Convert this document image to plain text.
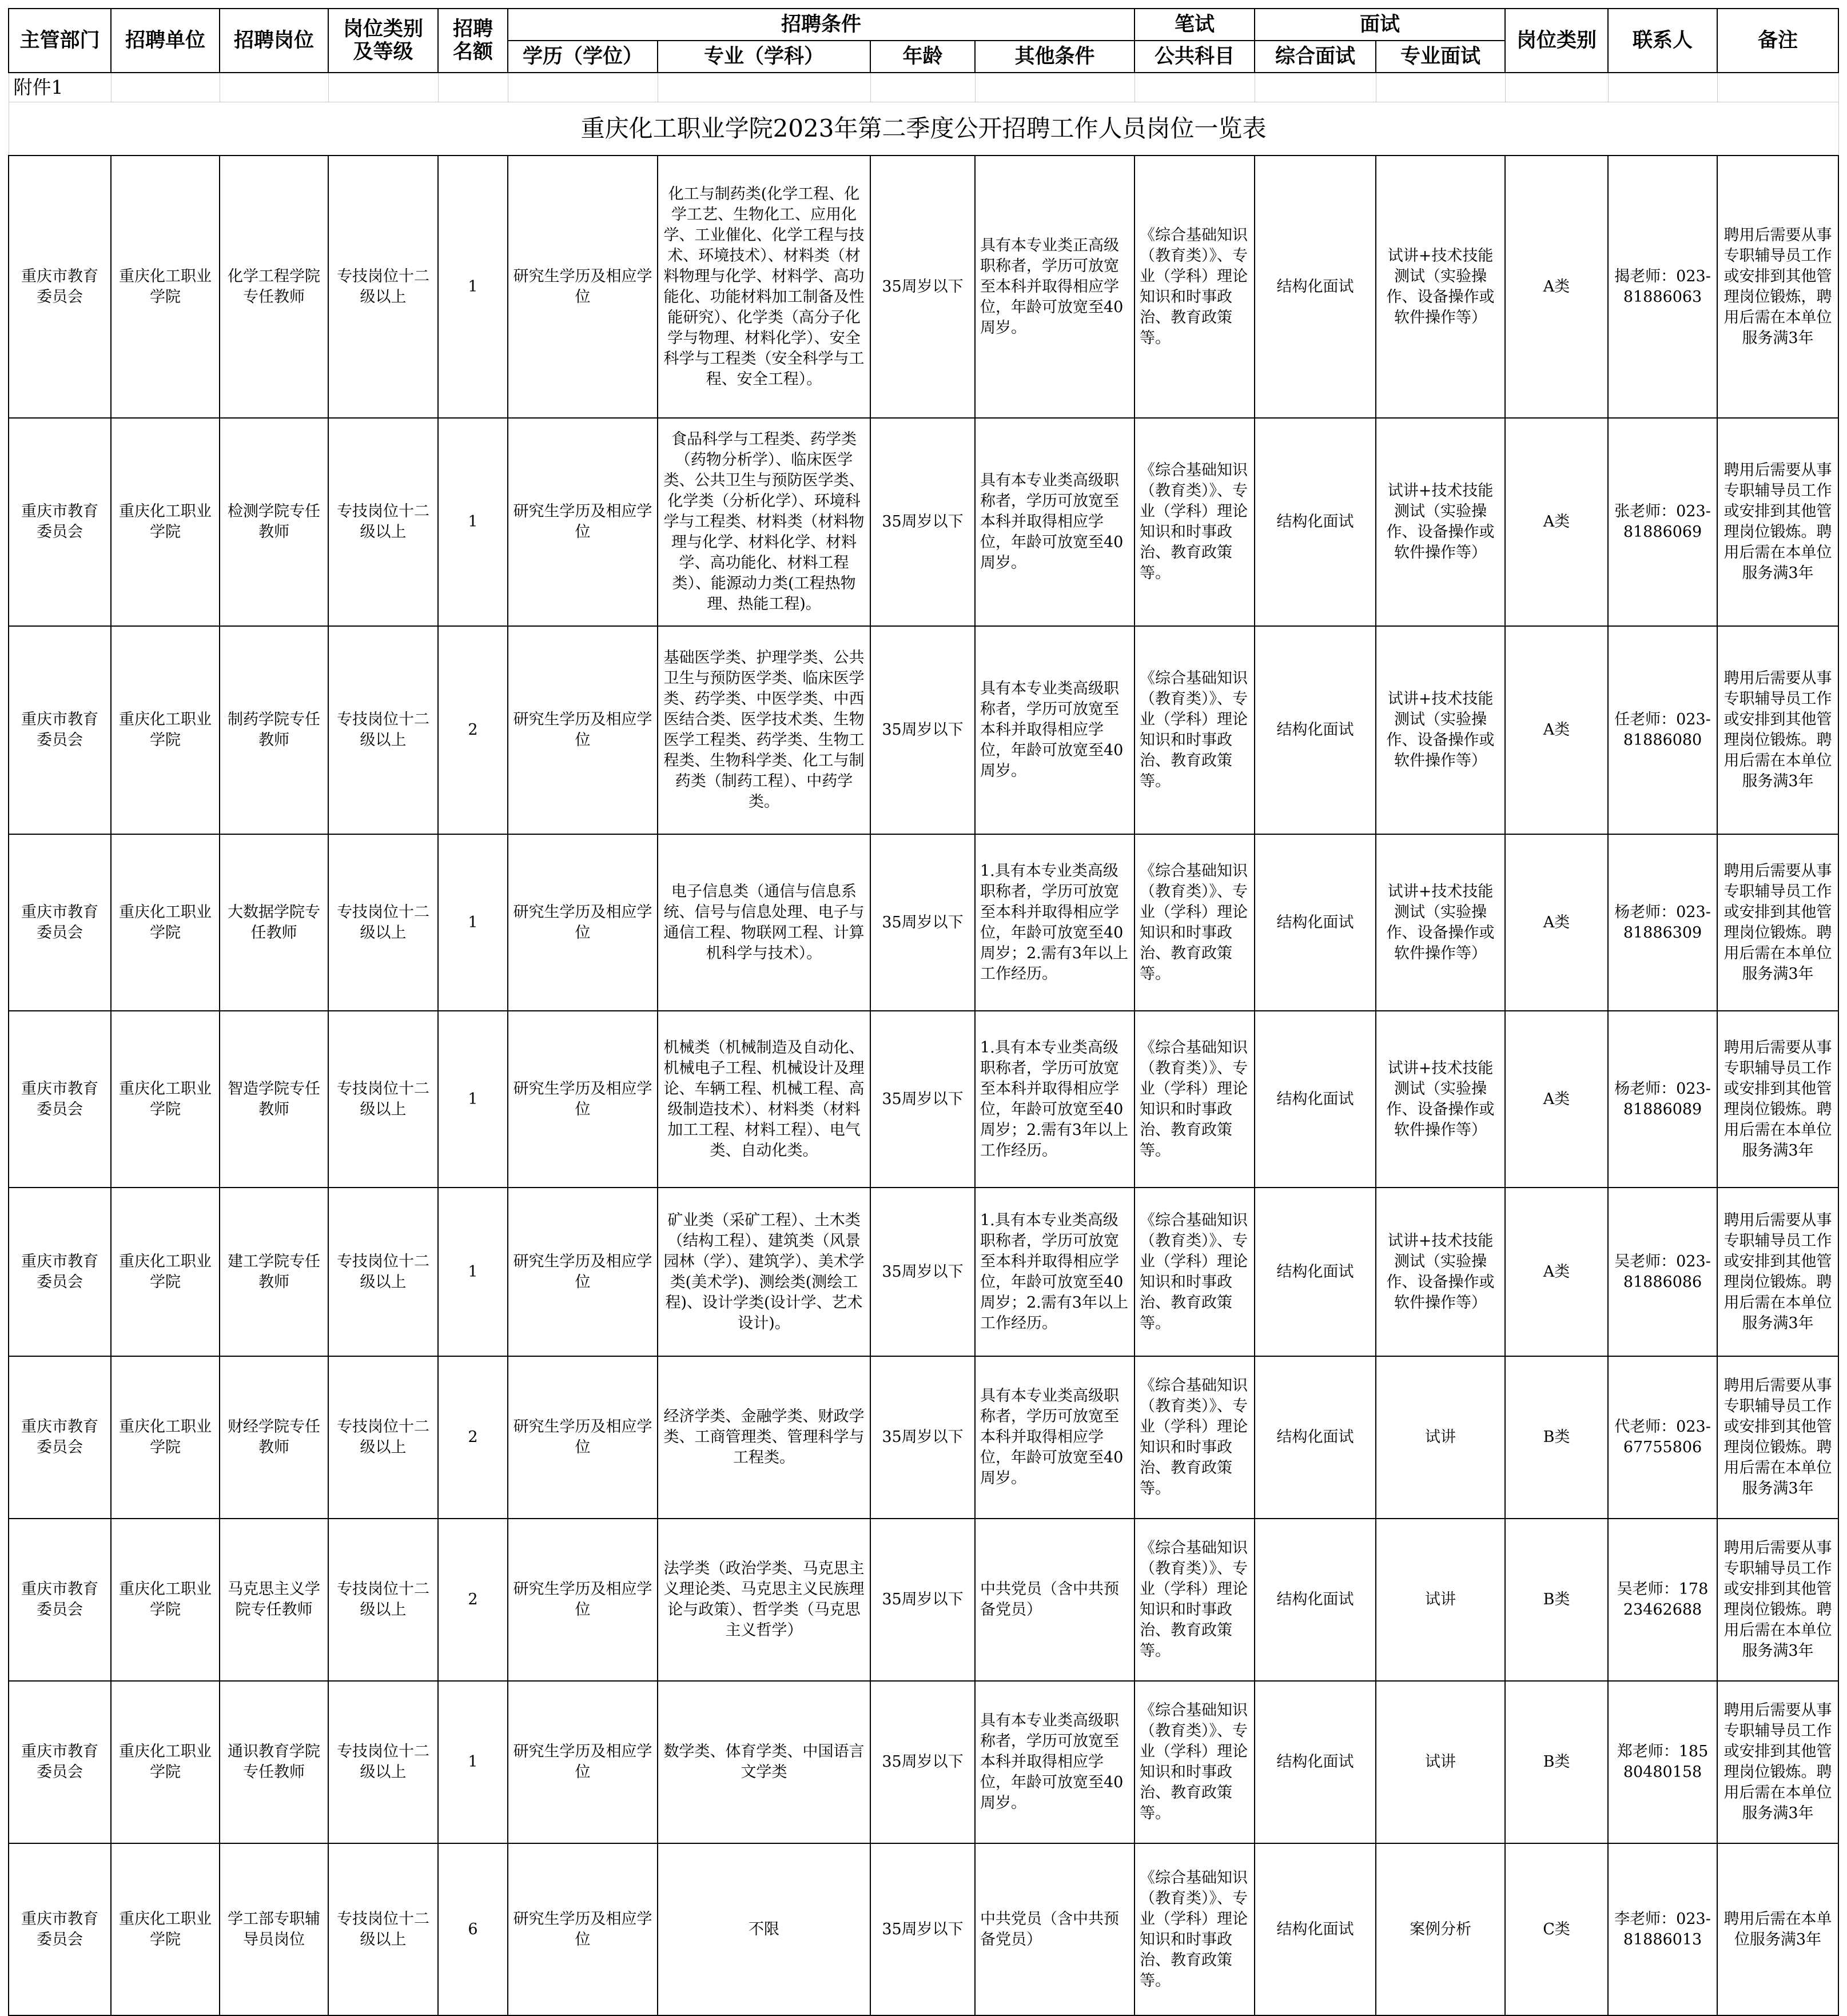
附件1														
重庆化工职业学院2023年第二季度公开招聘工作人员岗位一览表														
主管部门	招聘单位	招聘岗位	岗位类别及等级	招聘名额	招聘条件				笔试	面试		岗位类别	联系人	备注
					学历（学位）	专业（学科）	年龄	其他条件	公共科目	综合面试	专业面试			
重庆市教育委员会	重庆化工职业学院	化学工程学院专任教师	专技岗位十二级以上	1	研究生学历及相应学位	化工与制药类(化学工程、化学工艺、生物化工、应用化学、工业催化、化学工程与技术、环境技术）、材料类（材料物理与化学、材料学、高功能化、功能材料加工制备及性能研究）、化学类（高分子化学与物理、材料化学）、安全科学与工程类（安全科学与工程、安全工程）。	35周岁以下	具有本专业类正高级职称者，学历可放宽至本科并取得相应学位，年龄可放宽至40周岁。	《综合基础知识（教育类）》、专业（学科）理论知识和时事政治、教育政策等。	结构化面试	试讲+技术技能测试（实验操作、设备操作或软件操作等）	A类	揭老师：023-81886063	聘用后需要从事专职辅导员工作或安排到其他管理岗位锻炼，聘用后需在本单位服务满3年
重庆市教育委员会	重庆化工职业学院	检测学院专任教师	专技岗位十二级以上	1	研究生学历及相应学位	食品科学与工程类、药学类（药物分析学）、临床医学类、公共卫生与预防医学类、化学类（分析化学）、环境科学与工程类、材料类（材料物理与化学、材料化学、材料学、高功能化、材料工程类）、能源动力类(工程热物理、热能工程)。	35周岁以下	具有本专业类高级职称者，学历可放宽至本科并取得相应学位，年龄可放宽至40周岁。	《综合基础知识（教育类）》、专业（学科）理论知识和时事政治、教育政策等。	结构化面试	试讲+技术技能测试（实验操作、设备操作或软件操作等）	A类	张老师：023-81886069	聘用后需要从事专职辅导员工作或安排到其他管理岗位锻炼。聘用后需在本单位服务满3年
重庆市教育委员会	重庆化工职业学院	制药学院专任教师	专技岗位十二级以上	2	研究生学历及相应学位	基础医学类、护理学类、公共卫生与预防医学类、临床医学类、药学类、中医学类、中西医结合类、医学技术类、生物医学工程类、药学类、生物工程类、生物科学类、化工与制药类（制药工程）、中药学类。	35周岁以下	具有本专业类高级职称者，学历可放宽至本科并取得相应学位，年龄可放宽至40周岁。	《综合基础知识（教育类）》、专业（学科）理论知识和时事政治、教育政策等。	结构化面试	试讲+技术技能测试（实验操作、设备操作或软件操作等）	A类	任老师：023-81886080	聘用后需要从事专职辅导员工作或安排到其他管理岗位锻炼。聘用后需在本单位服务满3年
重庆市教育委员会	重庆化工职业学院	大数据学院专任教师	专技岗位十二级以上	1	研究生学历及相应学位	电子信息类（通信与信息系统、信号与信息处理、电子与通信工程、物联网工程、计算机科学与技术）。	35周岁以下	1.具有本专业类高级职称者，学历可放宽至本科并取得相应学位，年龄可放宽至40周岁；2.需有3年以上工作经历。	《综合基础知识（教育类）》、专业（学科）理论知识和时事政治、教育政策等。	结构化面试	试讲+技术技能测试（实验操作、设备操作或软件操作等）	A类	杨老师：023-81886309	聘用后需要从事专职辅导员工作或安排到其他管理岗位锻炼。聘用后需在本单位服务满3年
重庆市教育委员会	重庆化工职业学院	智造学院专任教师	专技岗位十二级以上	1	研究生学历及相应学位	机械类（机械制造及自动化、机械电子工程、机械设计及理论、车辆工程、机械工程、高级制造技术）、材料类（材料加工工程、材料工程）、电气类、自动化类。	35周岁以下	1.具有本专业类高级职称者，学历可放宽至本科并取得相应学位，年龄可放宽至40周岁；2.需有3年以上工作经历。	《综合基础知识（教育类）》、专业（学科）理论知识和时事政治、教育政策等。	结构化面试	试讲+技术技能测试（实验操作、设备操作或软件操作等）	A类	杨老师：023-81886089	聘用后需要从事专职辅导员工作或安排到其他管理岗位锻炼。聘用后需在本单位服务满3年
重庆市教育委员会	重庆化工职业学院	建工学院专任教师	专技岗位十二级以上	1	研究生学历及相应学位	矿业类（采矿工程）、土木类（结构工程）、建筑类（风景园林（学）、建筑学）、美术学类(美术学)、测绘类(测绘工程)、设计学类(设计学、艺术设计)。	35周岁以下	1.具有本专业类高级职称者，学历可放宽至本科并取得相应学位，年龄可放宽至40周岁；2.需有3年以上工作经历。	《综合基础知识（教育类）》、专业（学科）理论知识和时事政治、教育政策等。	结构化面试	试讲+技术技能测试（实验操作、设备操作或软件操作等）	A类	吴老师：023-81886086	聘用后需要从事专职辅导员工作或安排到其他管理岗位锻炼。聘用后需在本单位服务满3年
重庆市教育委员会	重庆化工职业学院	财经学院专任教师	专技岗位十二级以上	2	研究生学历及相应学位	经济学类、金融学类、财政学类、工商管理类、管理科学与工程类。	35周岁以下	具有本专业类高级职称者，学历可放宽至本科并取得相应学位，年龄可放宽至40周岁。	《综合基础知识（教育类）》、专业（学科）理论知识和时事政治、教育政策等。	结构化面试	试讲	B类	代老师：023-67755806	聘用后需要从事专职辅导员工作或安排到其他管理岗位锻炼。聘用后需在本单位服务满3年
重庆市教育委员会	重庆化工职业学院	马克思主义学院专任教师	专技岗位十二级以上	2	研究生学历及相应学位	法学类（政治学类、马克思主义理论类、马克思主义民族理论与政策）、哲学类（马克思主义哲学）	35周岁以下	中共党员（含中共预备党员）	《综合基础知识（教育类）》、专业（学科）理论知识和时事政治、教育政策等。	结构化面试	试讲	B类	吴老师：17823462688	聘用后需要从事专职辅导员工作或安排到其他管理岗位锻炼。聘用后需在本单位服务满3年
重庆市教育委员会	重庆化工职业学院	通识教育学院专任教师	专技岗位十二级以上	1	研究生学历及相应学位	数学类、体育学类、中国语言文学类	35周岁以下	具有本专业类高级职称者，学历可放宽至本科并取得相应学位，年龄可放宽至40周岁。	《综合基础知识（教育类）》、专业（学科）理论知识和时事政治、教育政策等。	结构化面试	试讲	B类	郑老师：18580480158	聘用后需要从事专职辅导员工作或安排到其他管理岗位锻炼。聘用后需在本单位服务满3年
重庆市教育委员会	重庆化工职业学院	学工部专职辅导员岗位	专技岗位十二级以上	6	研究生学历及相应学位	不限	35周岁以下	中共党员（含中共预备党员）	《综合基础知识（教育类）》、专业（学科）理论知识和时事政治、教育政策等。	结构化面试	案例分析	C类	李老师：023-81886013	聘用后需在本单位服务满3年
